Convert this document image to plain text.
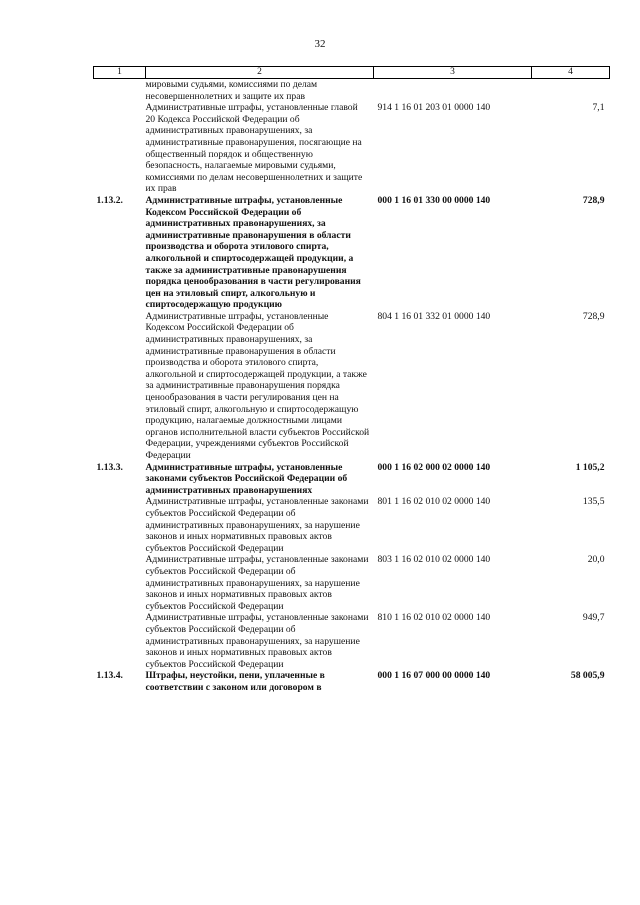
32
1	2	3	4
	мировыми судьями, комиссиями по делам несовершеннолетних и защите их прав		
	Административные штрафы, установленные главой 20 Кодекса Российской Федерации об административных правонарушениях, за административные правонарушения, посягающие на общественный порядок и общественную безопасность, налагаемые мировыми судьями, комиссиями по делам несовершеннолетних и защите их прав	914 1 16 01 203 01 0000 140	7,1
1.13.2.	Административные штрафы, установленные Кодексом Российской Федерации об административных правонарушениях, за административные правонарушения в области производства и оборота этилового спирта, алкогольной и спиртосодержащей продукции, а также за административные правонарушения порядка ценообразования в части регулирования цен на этиловый спирт, алкогольную и спиртосодержащую продукцию	000 1 16 01 330 00 0000 140	728,9
	Административные штрафы, установленные Кодексом Российской Федерации об административных правонарушениях, за административные правонарушения в области производства и оборота этилового спирта, алкогольной и спиртосодержащей продукции, а также за административные правонарушения порядка ценообразования в части регулирования цен на этиловый спирт, алкогольную и спиртосодержащую продукцию, налагаемые должностными лицами органов исполнительной власти субъектов Российской Федерации, учреждениями субъектов Российской Федерации	804 1 16 01 332 01 0000 140	728,9
1.13.3.	Административные штрафы, установленные законами субъектов Российской Федерации об административных правонарушениях	000 1 16 02 000 02 0000 140	1 105,2
	Административные штрафы, установленные законами субъектов Российской Федерации об административных правонарушениях, за нарушение законов и иных нормативных правовых актов субъектов Российской Федерации	801 1 16 02 010 02 0000 140	135,5
	Административные штрафы, установленные законами субъектов Российской Федерации об административных правонарушениях, за нарушение законов и иных нормативных правовых актов субъектов Российской Федерации	803 1 16 02 010 02 0000 140	20,0
	Административные штрафы, установленные законами субъектов Российской Федерации об административных правонарушениях, за нарушение законов и иных нормативных правовых актов субъектов Российской Федерации	810 1 16 02 010 02 0000 140	949,7
1.13.4.	Штрафы, неустойки, пени, уплаченные в соответствии с законом или договором в	000 1 16 07 000 00 0000 140	58 005,9
